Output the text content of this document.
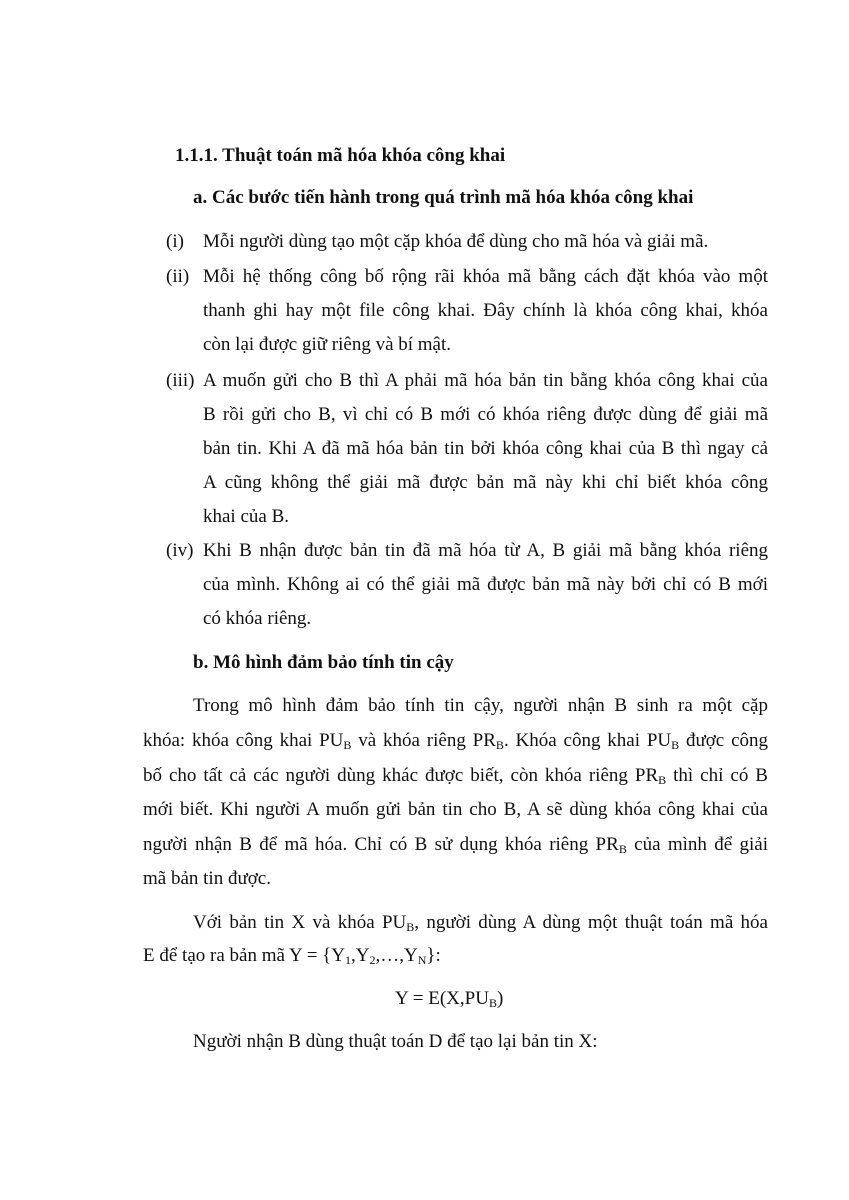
1.1.1. Thuật toán mã hóa khóa công khai
a. Các bước tiến hành trong quá trình mã hóa khóa công khai
(i) Mỗi người dùng tạo một cặp khóa để dùng cho mã hóa và giải mã.
(ii) Mỗi hệ thống công bố rộng rãi khóa mã bằng cách đặt khóa vào một
thanh ghi hay một file công khai. Đây chính là khóa công khai, khóa
còn lại được giữ riêng và bí mật.
(iii) A muốn gửi cho B thì A phải mã hóa bản tin bằng khóa công khai của
B rồi gửi cho B, vì chỉ có B mới có khóa riêng được dùng để giải mã
bản tin. Khi A đã mã hóa bản tin bởi khóa công khai của B thì ngay cả
A cũng không thể giải mã được bản mã này khi chỉ biết khóa công
khai của B.
(iv) Khi B nhận được bản tin đã mã hóa từ A, B giải mã bằng khóa riêng
của mình. Không ai có thể giải mã được bản mã này bởi chỉ có B mới
có khóa riêng.
b. Mô hình đảm bảo tính tin cậy
Trong mô hình đảm bảo tính tin cậy, người nhận B sinh ra một cặp
khóa: khóa công khai $PU_B$ và khóa riêng $PR_B$. Khóa công khai $PU_B$ được công
bố cho tất cả các người dùng khác được biết, còn khóa riêng $PR_B$ thì chỉ có B
mới biết. Khi người A muốn gửi bản tin cho B, A sẽ dùng khóa công khai của
người nhận B để mã hóa. Chỉ có B sử dụng khóa riêng $PR_B$ của mình để giải
mã bản tin được.
Với bản tin X và khóa $PU_B$, người dùng A dùng một thuật toán mã hóa
E để tạo ra bản mã $Y = \{Y_1,Y_2,\dots,Y_N\}$:
$Y = E(X,PU_B)$
Người nhận B dùng thuật toán D để tạo lại bản tin X:
